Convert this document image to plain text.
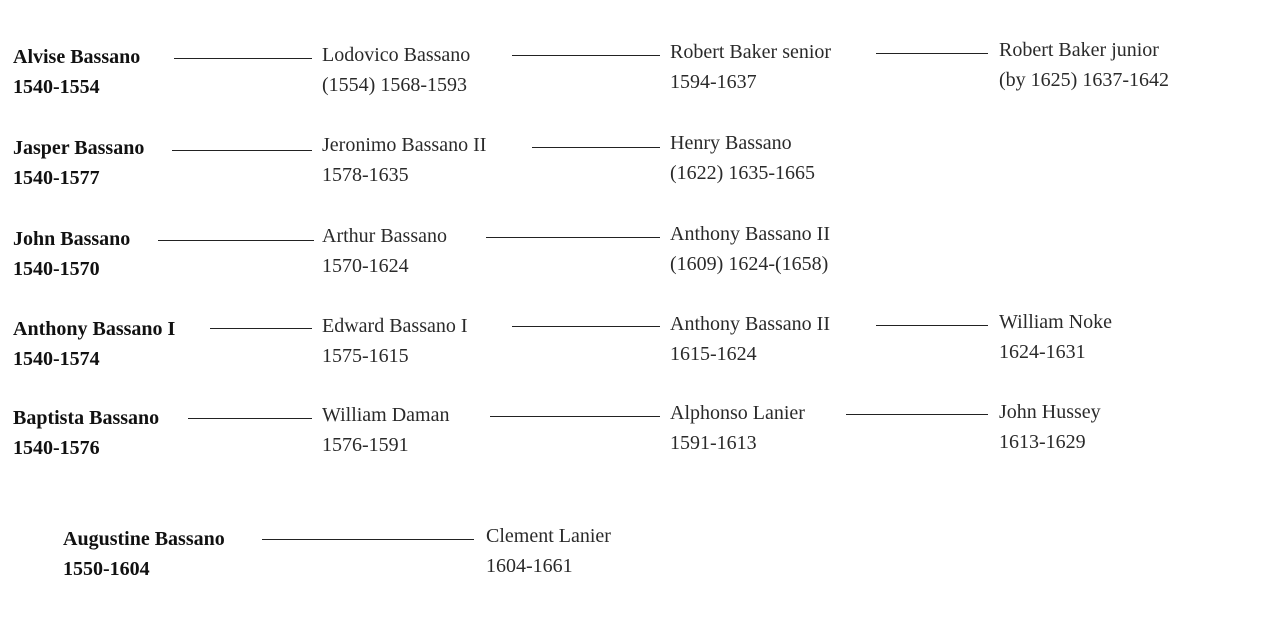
Alvise Bassano
1540-1554
Lodovico Bassano
(1554) 1568-1593
Robert Baker senior
1594-1637
Robert Baker junior
(by 1625) 1637-1642
Jasper Bassano
1540-1577
Jeronimo Bassano II
1578-1635
Henry Bassano
(1622) 1635-1665
John Bassano
1540-1570
Arthur Bassano
1570-1624
Anthony Bassano II
(1609) 1624-(1658)
Anthony Bassano I
1540-1574
Edward Bassano I
1575-1615
Anthony Bassano II
1615-1624
William Noke
1624-1631
Baptista Bassano
1540-1576
William Daman
1576-1591
Alphonso Lanier
1591-1613
John Hussey
1613-1629
Augustine Bassano
1550-1604
Clement Lanier
1604-1661
